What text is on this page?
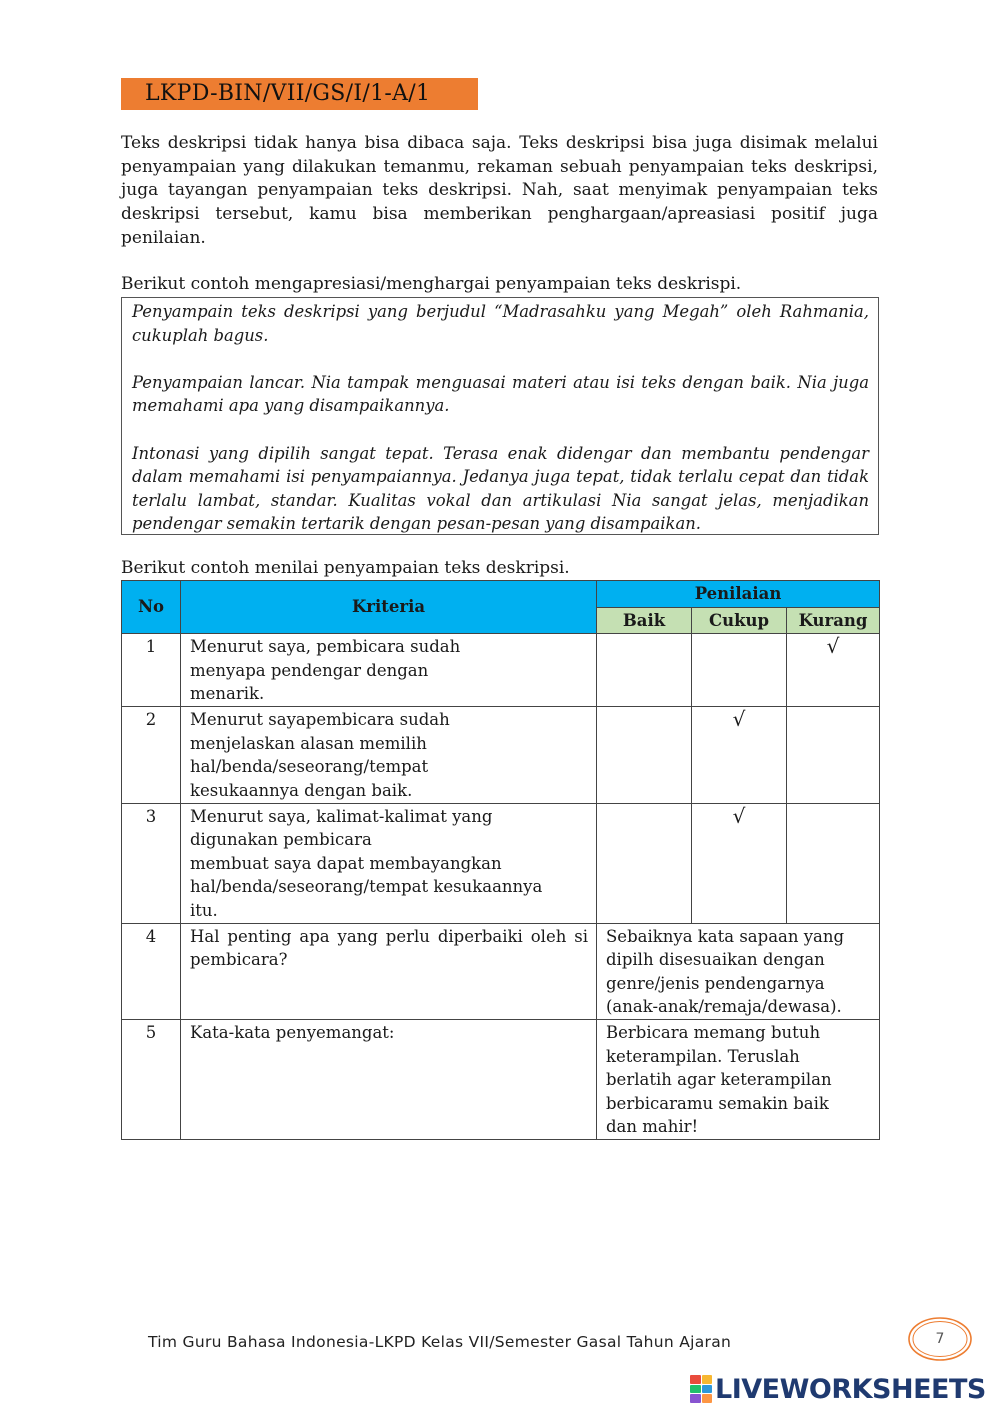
LKPD-BIN/VII/GS/I/1-A/1

Teks deskripsi tidak hanya bisa dibaca saja. Teks deskripsi bisa juga disimak melalui penyampaian yang dilakukan temanmu, rekaman sebuah penyampaian teks deskripsi, juga tayangan penyampaian teks deskripsi. Nah, saat menyimak penyampaian teks deskripsi tersebut, kamu bisa memberikan penghargaan/apreasiasi positif juga penilaian.

Berikut contoh mengapresiasi/menghargai penyampaian teks deskrispi.

Penyampain teks deskripsi yang berjudul “Madrasahku yang Megah” oleh Rahmania, cukuplah bagus.

Penyampaian lancar. Nia tampak menguasai materi atau isi teks dengan baik. Nia juga memahami apa yang disampaikannya.

Intonasi yang dipilih sangat tepat. Terasa enak didengar dan membantu pendengar dalam memahami isi penyampaiannya. Jedanya juga tepat, tidak terlalu cepat dan tidak terlalu lambat, standar. Kualitas vokal dan artikulasi Nia sangat jelas, menjadikan pendengar semakin tertarik dengan pesan-pesan yang disampaikan.

Berikut contoh menilai penyampaian teks deskripsi.

No	Kriteria	Penilaian		
		Baik	Cukup	Kurang
1	Menurut saya, pembicara sudah
menyapa pendengar dengan
menarik.			√
2	Menurut sayapembicara sudah
menjelaskan alasan memilih
hal/benda/seseorang/tempat
kesukaannya dengan baik.		√	
3	Menurut saya, kalimat-kalimat yang
digunakan pembicara
membuat saya dapat membayangkan
hal/benda/seseorang/tempat kesukaannya
itu.		√	
4	Hal penting apa yang perlu diperbaiki oleh si pembicara?	Sebaiknya kata sapaan yang
dipilh disesuaikan dengan
genre/jenis pendengarnya
(anak-anak/remaja/dewasa).		

5	Kata-kata penyemangat:	Berbicara memang butuh
keterampilan. Teruslah
berlatih agar keterampilan
berbicaramu semakin baik
dan mahir!		
Tim Guru Bahasa Indonesia-LKPD Kelas VII/Semester Gasal Tahun Ajaran	7
LIVEWORKSHEETS
